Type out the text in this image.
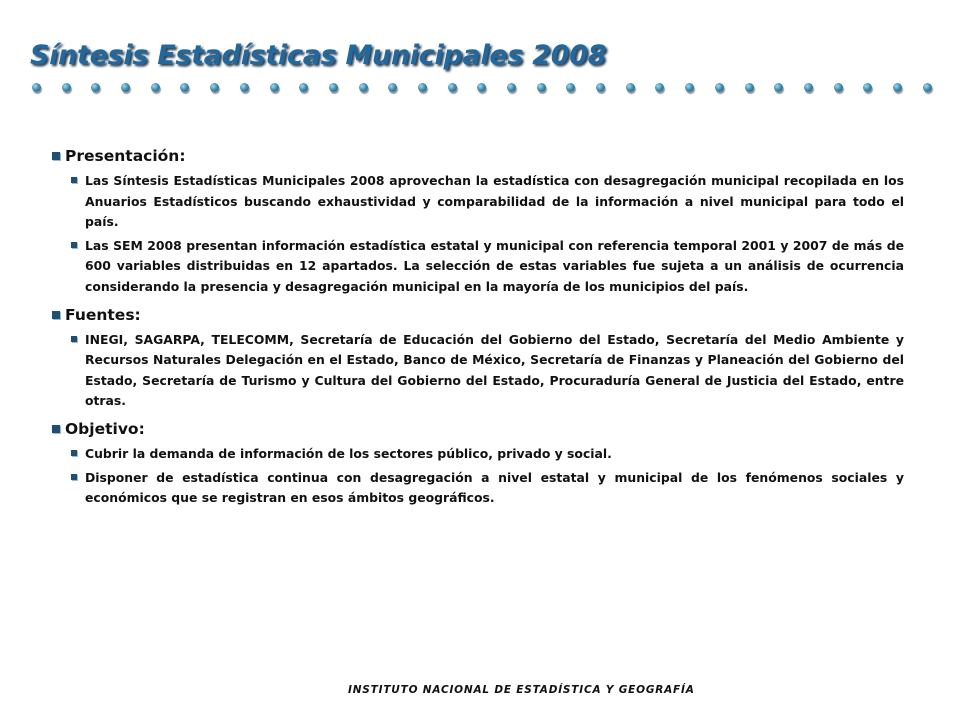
Síntesis Estadísticas Municipales 2008
Presentación:
Las Síntesis Estadísticas Municipales 2008 aprovechan la estadística con desagregación municipal recopilada en los Anuarios Estadísticos buscando exhaustividad y comparabilidad de la información a nivel municipal para todo el país.
Las SEM 2008 presentan información estadística estatal y municipal con referencia temporal 2001 y 2007 de más de 600 variables distribuidas en 12 apartados. La selección de estas variables fue sujeta a un análisis de ocurrencia considerando la presencia y desagregación municipal en la mayoría de los municipios del país.
Fuentes:
INEGI, SAGARPA, TELECOMM, Secretaría de Educación del Gobierno del Estado, Secretaría del Medio Ambiente y Recursos Naturales Delegación en el Estado, Banco de México, Secretaría de Finanzas y Planeación del Gobierno del Estado, Secretaría de Turismo y Cultura del Gobierno del Estado, Procuraduría General de Justicia del Estado, entre otras.
Objetivo:
Cubrir la demanda de información de los sectores público, privado y social.
Disponer de estadística continua con desagregación a nivel estatal y municipal de los fenómenos sociales y económicos que se registran en esos ámbitos geográficos.
INSTITUTO NACIONAL DE ESTADÍSTICA Y GEOGRAFÍA
